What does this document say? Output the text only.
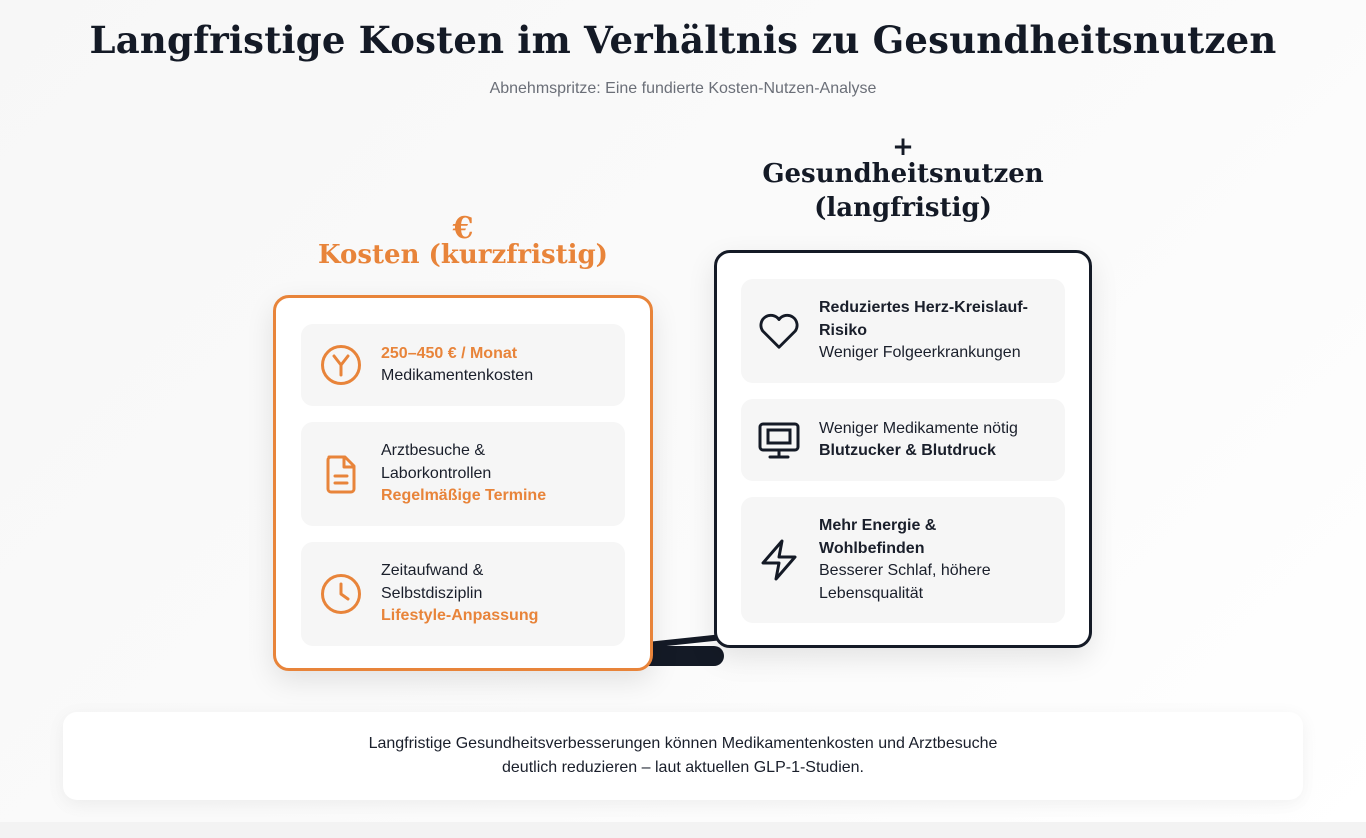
Langfristige Kosten im Verhältnis zu Gesundheitsnutzen
Abnehmspritze: Eine fundierte Kosten-Nutzen-Analyse
€
Kosten (kurzfristig)
+
Gesundheitsnutzen
(langfristig)
250–450 € / Monat
Medikamentenkosten
Arztbesuche &
Laborkontrollen
Regelmäßige Termine
Zeitaufwand &
Selbstdisziplin
Lifestyle-Anpassung
Reduziertes Herz-Kreislauf-
Risiko
Weniger Folgeerkrankungen
Weniger Medikamente nötig
Blutzucker & Blutdruck
Mehr Energie &
Wohlbefinden
Besserer Schlaf, höhere
Lebensqualität
Langfristige Gesundheitsverbesserungen können Medikamentenkosten und Arztbesuche
deutlich reduzieren – laut aktuellen GLP-1-Studien.
